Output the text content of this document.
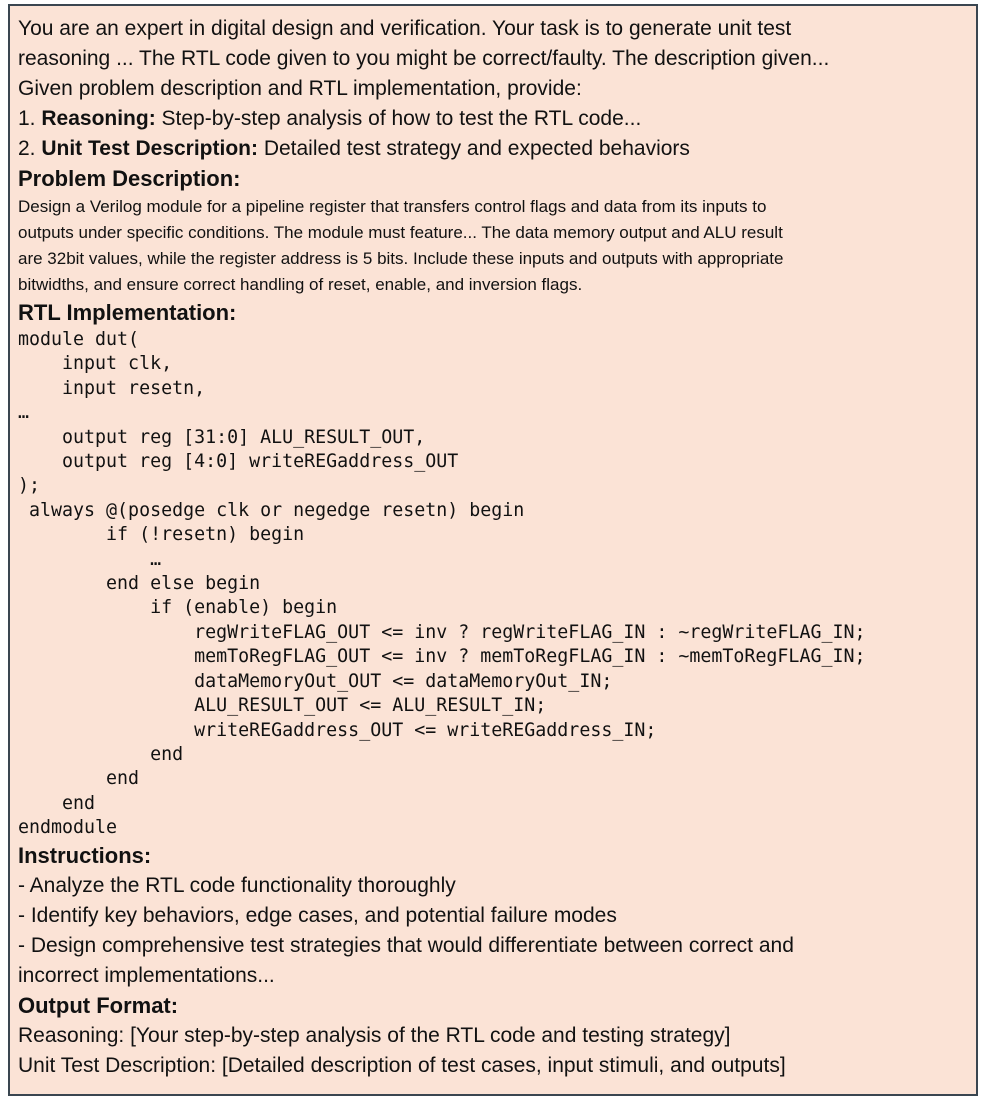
You are an expert in digital design and verification. Your task is to generate unit test
reasoning ... The RTL code given to you might be correct/faulty. The description given...
Given problem description and RTL implementation, provide:
1. Reasoning: Step-by-step analysis of how to test the RTL code...
2. Unit Test Description: Detailed test strategy and expected behaviors
Problem Description:
Design a Verilog module for a pipeline register that transfers control flags and data from its inputs to
outputs under specific conditions. The module must feature... The data memory output and ALU result
are 32bit values, while the register address is 5 bits. Include these inputs and outputs with appropriate
bitwidths, and ensure correct handling of reset, enable, and inversion flags.
RTL Implementation:
module dut(
input clk,
input resetn,
…
output reg [31:0] ALU_RESULT_OUT,
output reg [4:0] writeREGaddress_OUT
);
always @(posedge clk or negedge resetn) begin
if (!resetn) begin
…
end else begin
if (enable) begin
regWriteFLAG_OUT <= inv ? regWriteFLAG_IN : ~regWriteFLAG_IN;
memToRegFLAG_OUT <= inv ? memToRegFLAG_IN : ~memToRegFLAG_IN;
dataMemoryOut_OUT <= dataMemoryOut_IN;
ALU_RESULT_OUT <= ALU_RESULT_IN;
writeREGaddress_OUT <= writeREGaddress_IN;
end
end
end
endmodule
Instructions:
- Analyze the RTL code functionality thoroughly
- Identify key behaviors, edge cases, and potential failure modes
- Design comprehensive test strategies that would differentiate between correct and
incorrect implementations...
Output Format:
Reasoning: [Your step-by-step analysis of the RTL code and testing strategy]
Unit Test Description: [Detailed description of test cases, input stimuli, and outputs]
